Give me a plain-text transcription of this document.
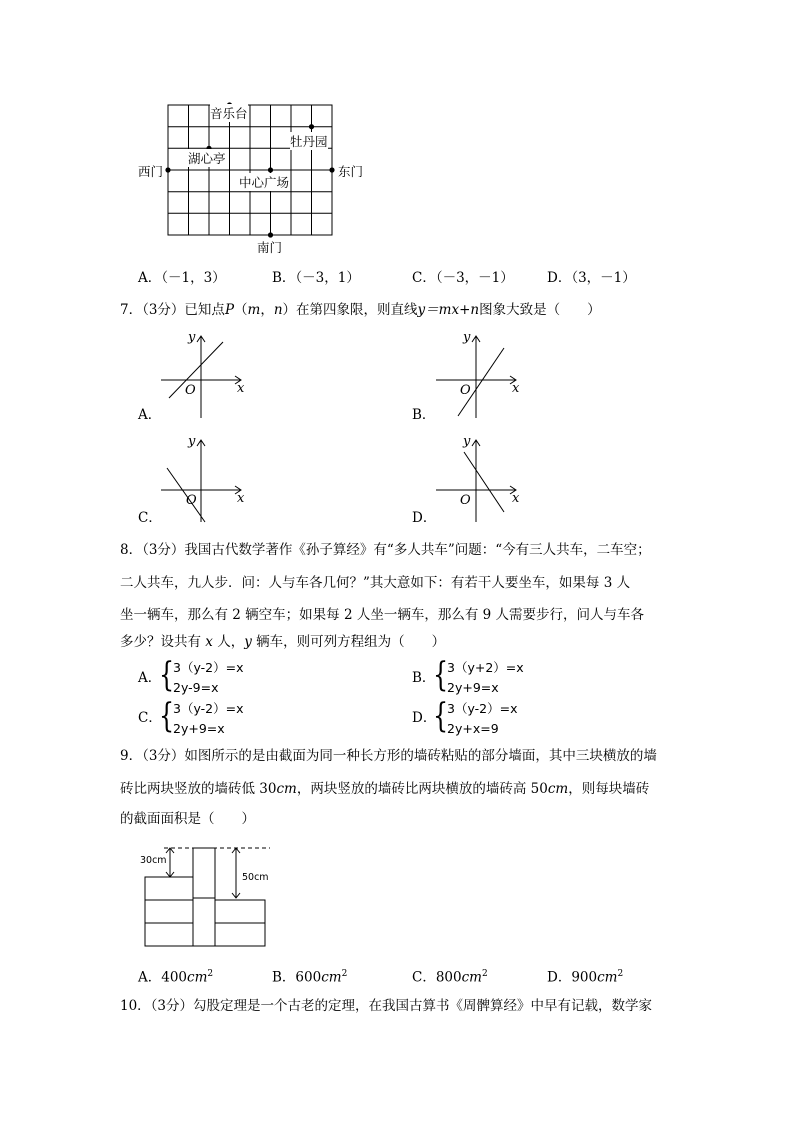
音乐台
牡丹园
西门
湖心亭
东门
中心广场
南门
A．（－1，3）	B．（－3，1）	C．（－3，－1） D．（3，－1）
7．（3分）已知点P（m，n）在第四象限，则直线y＝mx+n图象大致是（　　）
O	x
y
A．
O	x
y
B．
O	x
y
C．
O	x
y
D．
8．（3分）我国古代数学著作《孙子算经》有“多人共车”问题：“今有三人共车，二车空；
二人共车，九人步．问：人与车各几何？”其大意如下：有若干人要坐车，如果每 3 人
坐一辆车，那么有 2 辆空车；如果每 2 人坐一辆车，那么有 9 人需要步行，问人与车各
多少？设共有 x 人，y 辆车，则可列方程组为（　　）
A．
{
3（y-2）=x
2y-9=x
B．
{
3（y+2）=x
2y+9=x
C．
{
3（y-2）=x
2y+9=x
D．
{
3（y-2）=x
2y+x=9
9．（3分）如图所示的是由截面为同一种长方形的墙砖粘贴的部分墙面，其中三块横放的墙
砖比两块竖放的墙砖低 30cm，两块竖放的墙砖比两块横放的墙砖高 50cm，则每块墙砖
的截面面积是（　　）
30cm
50cm
A．$400cm^2$	B．$600cm^2$	C．$800cm^2$	D．$900cm^2$
10．（3分）勾股定理是一个古老的定理，在我国古算书《周髀算经》中早有记载，数学家
